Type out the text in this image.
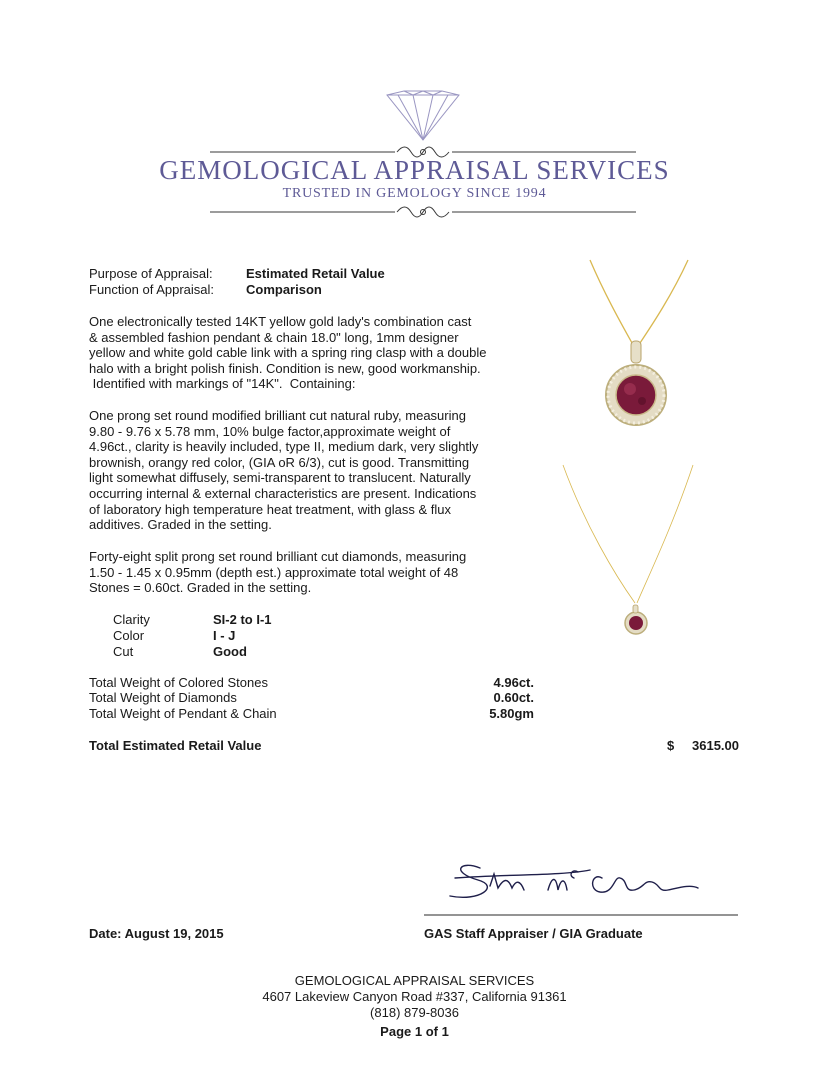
GEMOLOGICAL APPRAISAL SERVICES
TRUSTED IN GEMOLOGY SINCE 1994
Purpose of Appraisal:	Estimated Retail Value
Function of Appraisal: Comparison
One electronically tested 14KT yellow gold lady's combination cast
& assembled fashion pendant & chain 18.0" long, 1mm designer
yellow and white gold cable link with a spring ring clasp with a double
halo with a bright polish finish. Condition is new, good workmanship.
Identified with markings of "14K".  Containing:
One prong set round modified brilliant cut natural ruby, measuring
9.80 - 9.76 x 5.78 mm, 10% bulge factor,approximate weight of
4.96ct., clarity is heavily included, type II, medium dark, very slightly
brownish, orangy red color, (GIA oR 6/3), cut is good. Transmitting
light somewhat diffusely, semi-transparent to translucent. Naturally
occurring internal & external characteristics are present. Indications
of laboratory high temperature heat treatment, with glass & flux
additives. Graded in the setting.
Forty-eight split prong set round brilliant cut diamonds, measuring
1.50 - 1.45 x 0.95mm (depth est.) approximate total weight of 48
Stones = 0.60ct. Graded in the setting.
Clarity	SI-2 to I-1
Color	I - J
Cut	Good
Total Weight of Colored Stones	4.96ct.
Total Weight of Diamonds	0.60ct.
Total Weight of Pendant & Chain	5.80gm
Total Estimated Retail Value	$	3615.00
Date: August 19, 2015	GAS Staff Appraiser / GIA Graduate
GEMOLOGICAL APPRAISAL SERVICES
4607 Lakeview Canyon Road #337, California 91361
(818) 879-8036
Page 1 of 1
